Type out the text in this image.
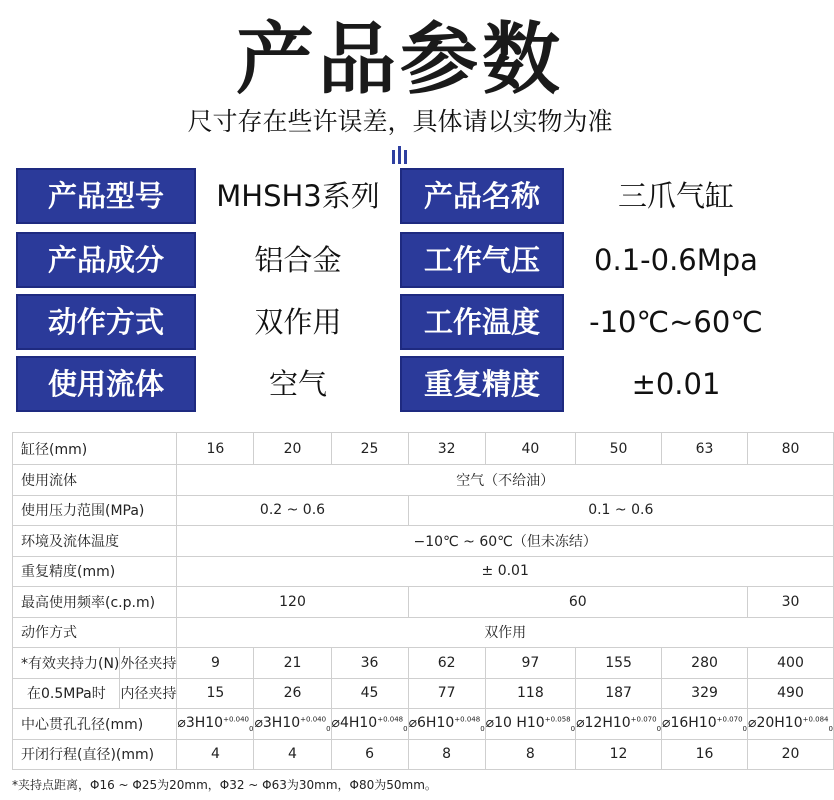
产品参数
尺寸存在些许误差，具体请以实物为准
产品型号	MHSH3系列	产品名称	三爪气缸
产品成分	铝合金	工作气压	0.1-0.6Mpa
动作方式	双作用	工作温度	-10℃~60℃
使用流体	空气	重复精度	±0.01
缸径(mm)		16	20	25	32	40	50	63	80
使用流体		空气（不给油）							
使用压力范围(MPa)		0.2 ~ 0.6			0.1 ~ 0.6				
环境及流体温度		−10℃ ~ 60℃（但未冻结）							
重复精度(mm)		± 0.01							
最高使用频率(c.p.m)		120			60				30
动作方式		双作用							
*有效夹持力(N)	外径夹持	9	21	36	62	97	155	280	400
在0.5MPa时	内径夹持	15	26	45	77	118	187	329	490
中心贯孔孔径(mm)		$⌀3H10^{+0.040}_0$	$⌀3H10^{+0.040}_0$	$⌀4H10^{+0.048}_0$	$⌀6H10^{+0.048}_0$	⌀10 $H10^{+0.058}_0$	$⌀12H10^{+0.070}_0$	$⌀16H10^{+0.070}_0$	$⌀20H10^{+0.084}_0$
开闭行程(直径)(mm)		4	4	6	8	8	12	16	20
*夹持点距离，Φ16 ~ Φ25为20mm，Φ32 ~ Φ63为30mm，Φ80为50mm。
